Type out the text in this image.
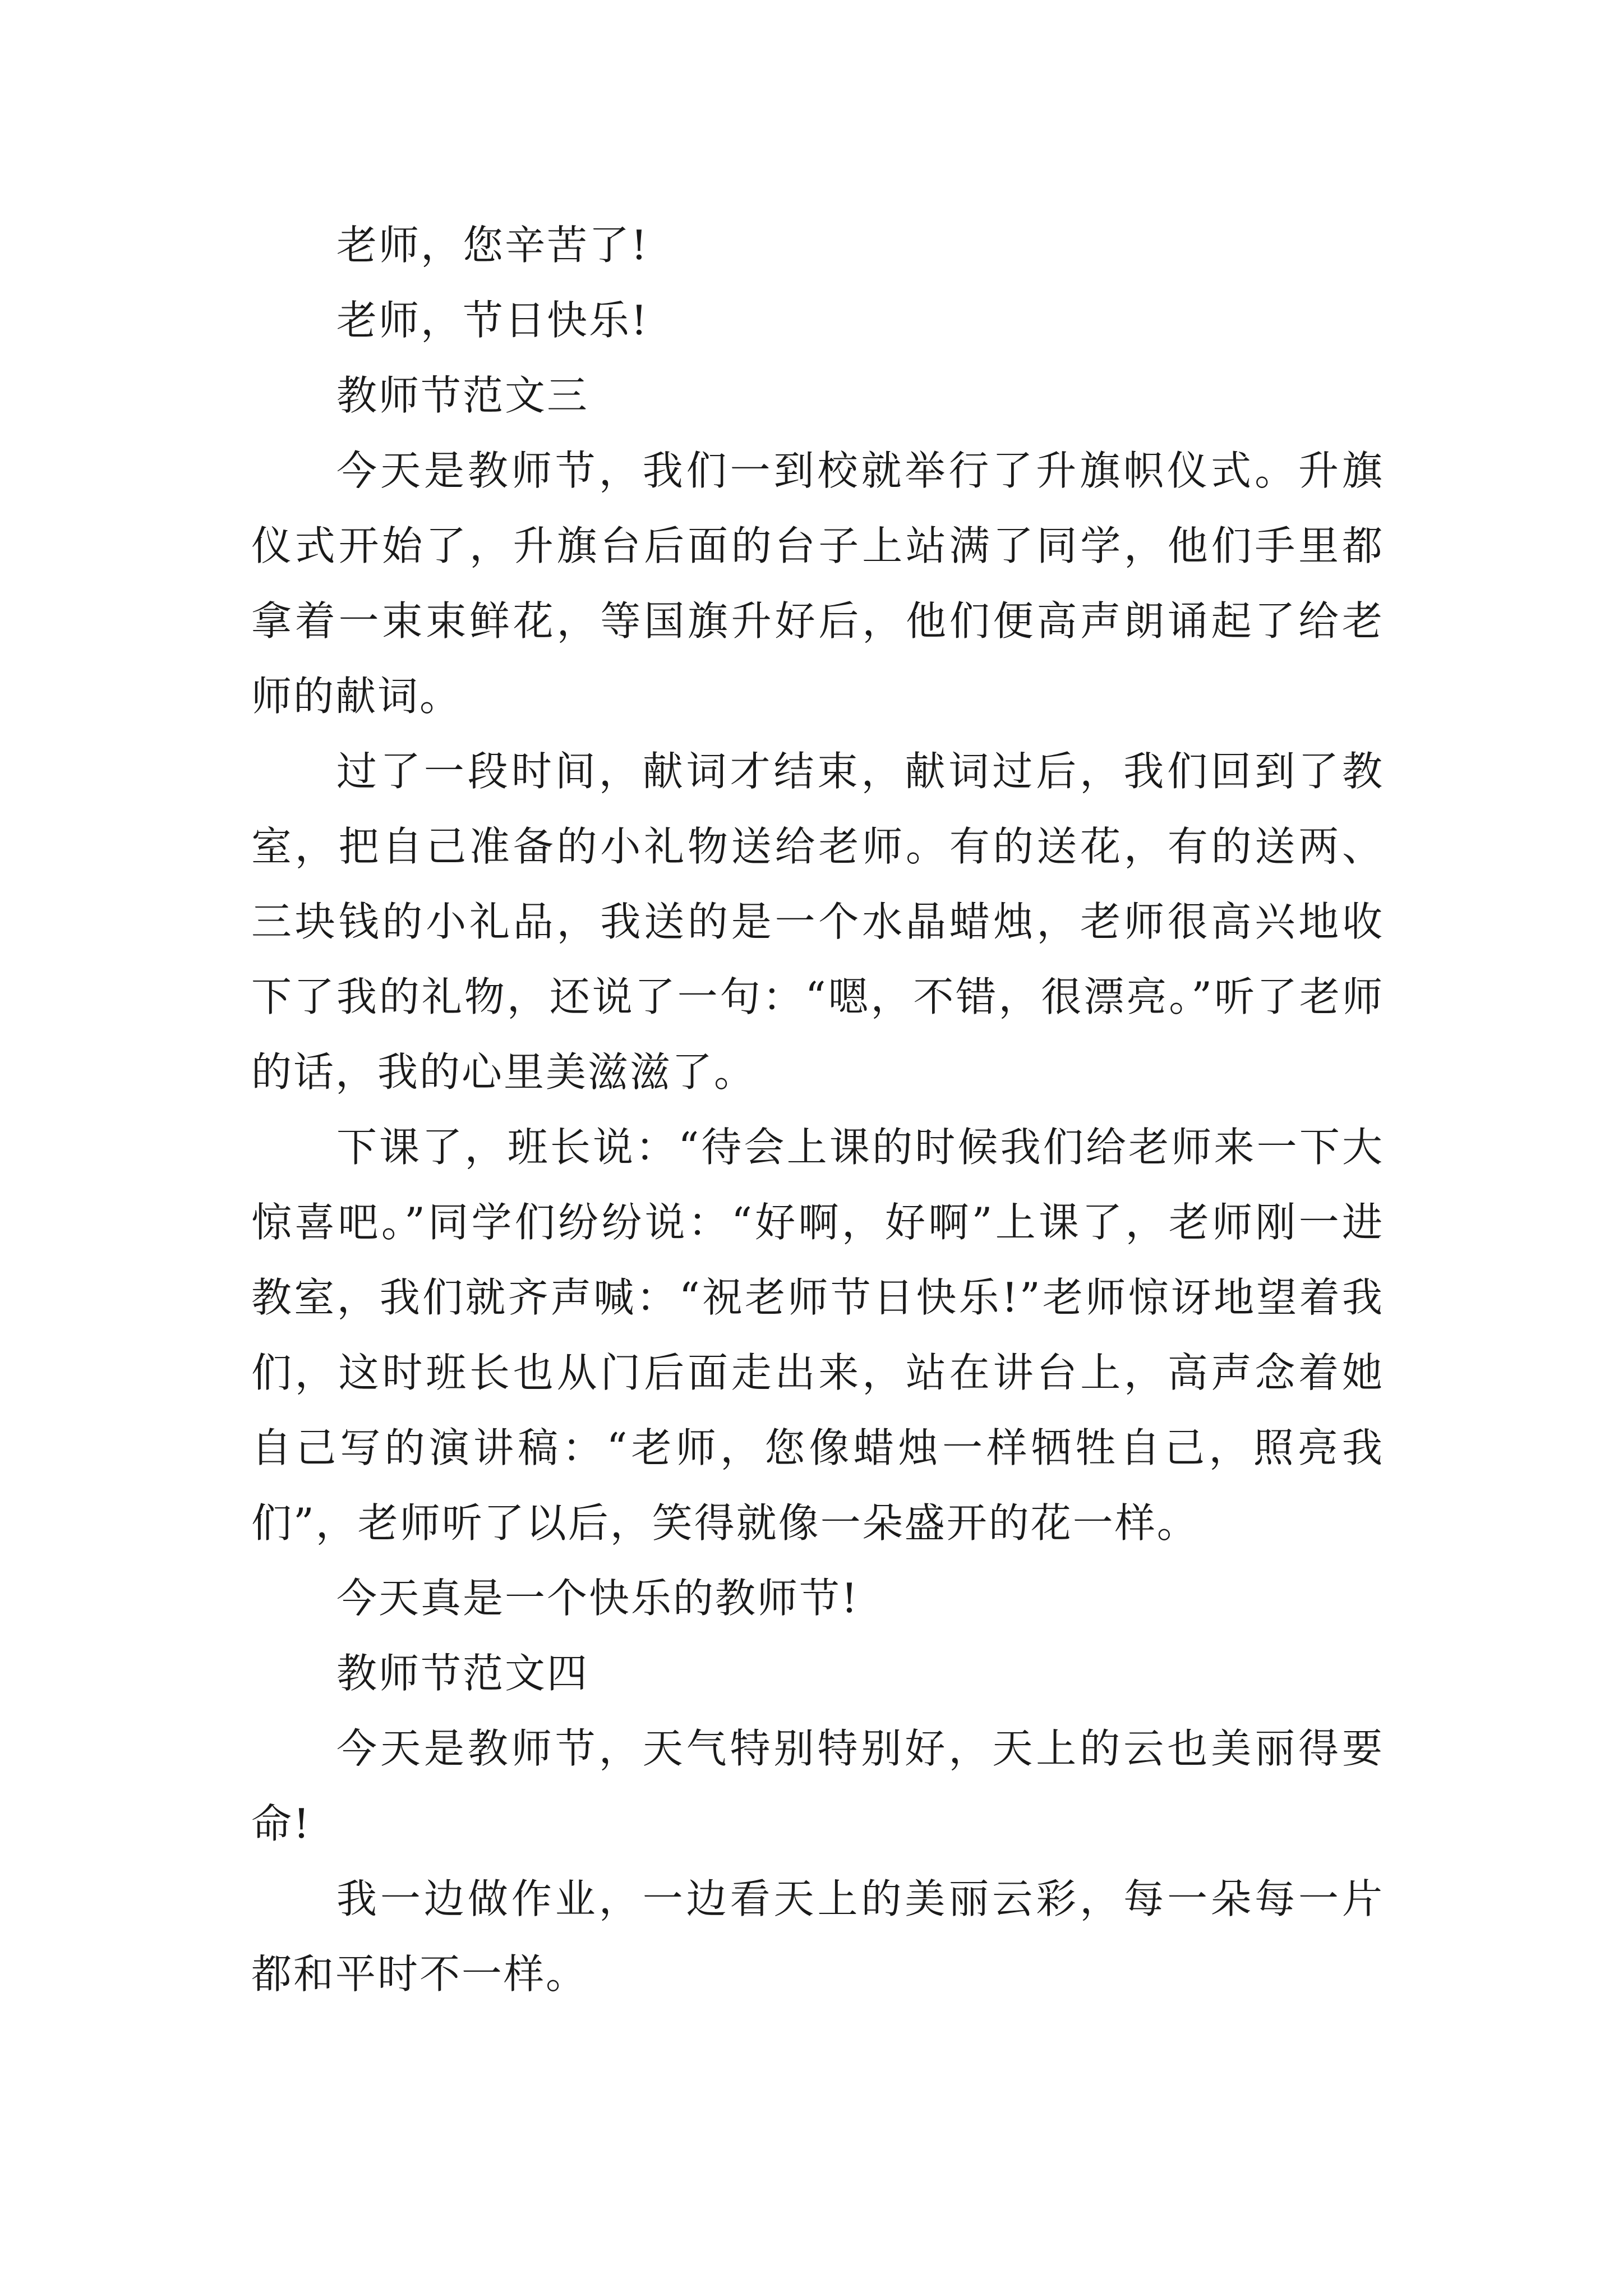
老师，您辛苦了!

老师，节日快乐!

教师节范文三

今天是教师节，我们一到校就举行了升旗帜仪式。升旗仪式开始了，升旗台后面的台子上站满了同学，他们手里都拿着一束束鲜花，等国旗升好后，他们便高声朗诵起了给老师的献词。

过了一段时间，献词才结束，献词过后，我们回到了教室，把自己准备的小礼物送给老师。有的送花，有的送两、三块钱的小礼品，我送的是一个水晶蜡烛，老师很高兴地收下了我的礼物，还说了一句：“嗯，不错，很漂亮。”听了老师的话，我的心里美滋滋了。

下课了，班长说：“待会上课的时候我们给老师来一下大惊喜吧。”同学们纷纷说：“好啊，好啊”上课了，老师刚一进教室，我们就齐声喊：“祝老师节日快乐!”老师惊讶地望着我们，这时班长也从门后面走出来，站在讲台上，高声念着她自己写的演讲稿：“老师，您像蜡烛一样牺牲自己，照亮我们”，老师听了以后，笑得就像一朵盛开的花一样。

今天真是一个快乐的教师节!

教师节范文四

今天是教师节，天气特别特别好，天上的云也美丽得要命!

我一边做作业，一边看天上的美丽云彩，每一朵每一片都和平时不一样。
